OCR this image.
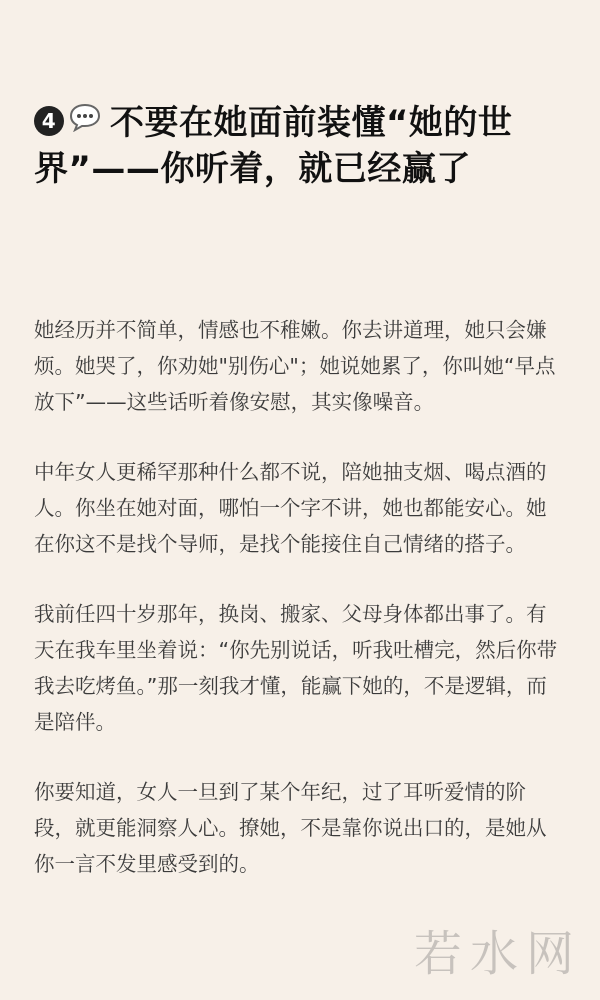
4 不要在她面前装懂“她的世界”——你听着，就已经赢了

她经历并不简单，情感也不稚嫩。你去讲道理，她只会嫌烦。她哭了，你劝她"别伤心"；她说她累了，你叫她“早点放下”——这些话听着像安慰，其实像噪音。

中年女人更稀罕那种什么都不说，陪她抽支烟、喝点酒的人。你坐在她对面，哪怕一个字不讲，她也都能安心。她在你这不是找个导师，是找个能接住自己情绪的搭子。

我前任四十岁那年，换岗、搬家、父母身体都出事了。有天在我车里坐着说：“你先别说话，听我吐槽完，然后你带我去吃烤鱼。”那一刻我才懂，能赢下她的，不是逻辑，而是陪伴。

你要知道，女人一旦到了某个年纪，过了耳听爱情的阶段，就更能洞察人心。撩她，不是靠你说出口的，是她从你一言不发里感受到的。

若水网
